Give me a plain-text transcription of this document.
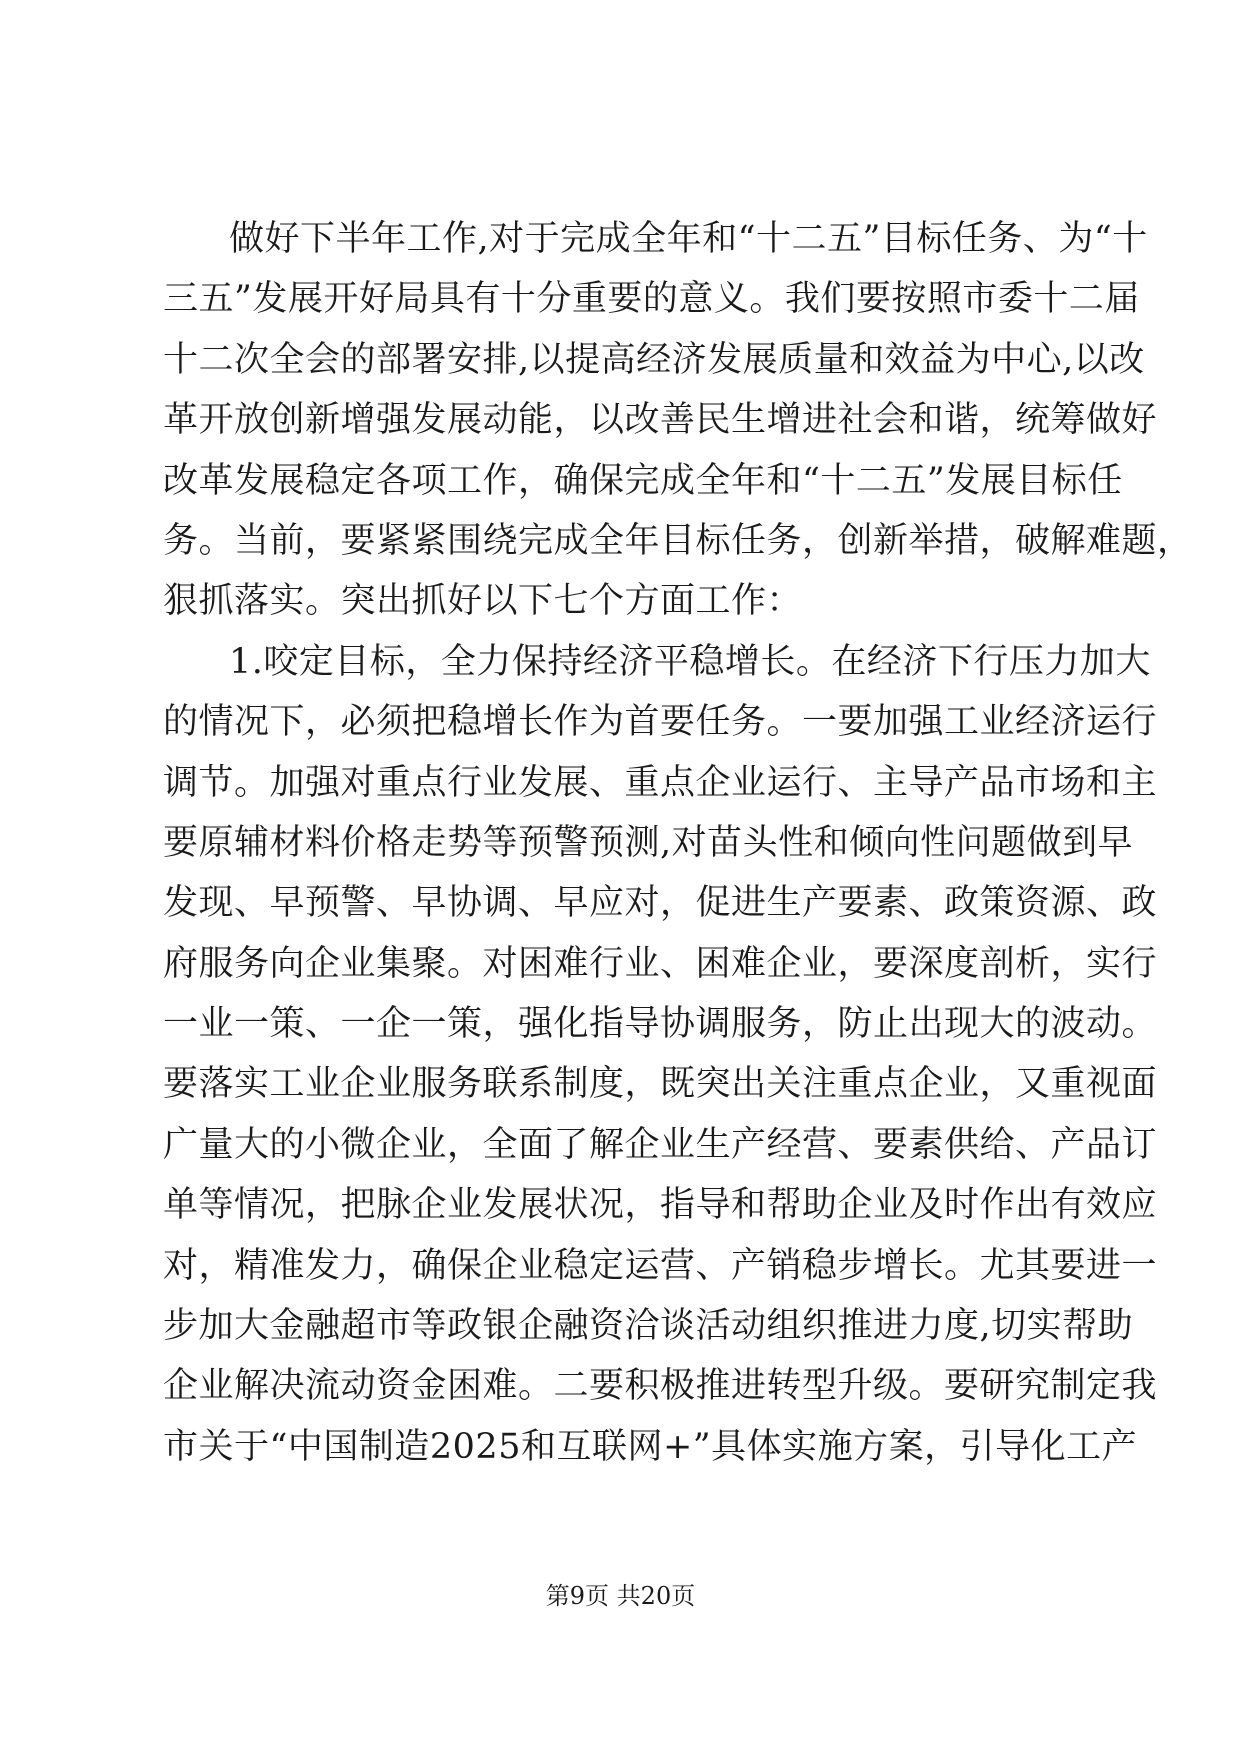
做好下半年工作,对于完成全年和“十二五”目标任务、为“十
三五”发展开好局具有十分重要的意义。我们要按照市委十二届
十二次全会的部署安排,以提高经济发展质量和效益为中心,以改
革开放创新增强发展动能，以改善民生增进社会和谐，统筹做好
改革发展稳定各项工作，确保完成全年和“十二五”发展目标任
务。当前，要紧紧围绕完成全年目标任务，创新举措，破解难题，
狠抓落实。突出抓好以下七个方面工作：
1.咬定目标，全力保持经济平稳增长。在经济下行压力加大
的情况下，必须把稳增长作为首要任务。一要加强工业经济运行
调节。加强对重点行业发展、重点企业运行、主导产品市场和主
要原辅材料价格走势等预警预测,对苗头性和倾向性问题做到早
发现、早预警、早协调、早应对，促进生产要素、政策资源、政
府服务向企业集聚。对困难行业、困难企业，要深度剖析，实行
一业一策、一企一策，强化指导协调服务，防止出现大的波动。
要落实工业企业服务联系制度，既突出关注重点企业，又重视面
广量大的小微企业，全面了解企业生产经营、要素供给、产品订
单等情况，把脉企业发展状况，指导和帮助企业及时作出有效应
对，精准发力，确保企业稳定运营、产销稳步增长。尤其要进一
步加大金融超市等政银企融资洽谈活动组织推进力度,切实帮助
企业解决流动资金困难。二要积极推进转型升级。要研究制定我
市关于“中国制造2025和互联网+”具体实施方案，引导化工产
第9页 共20页
